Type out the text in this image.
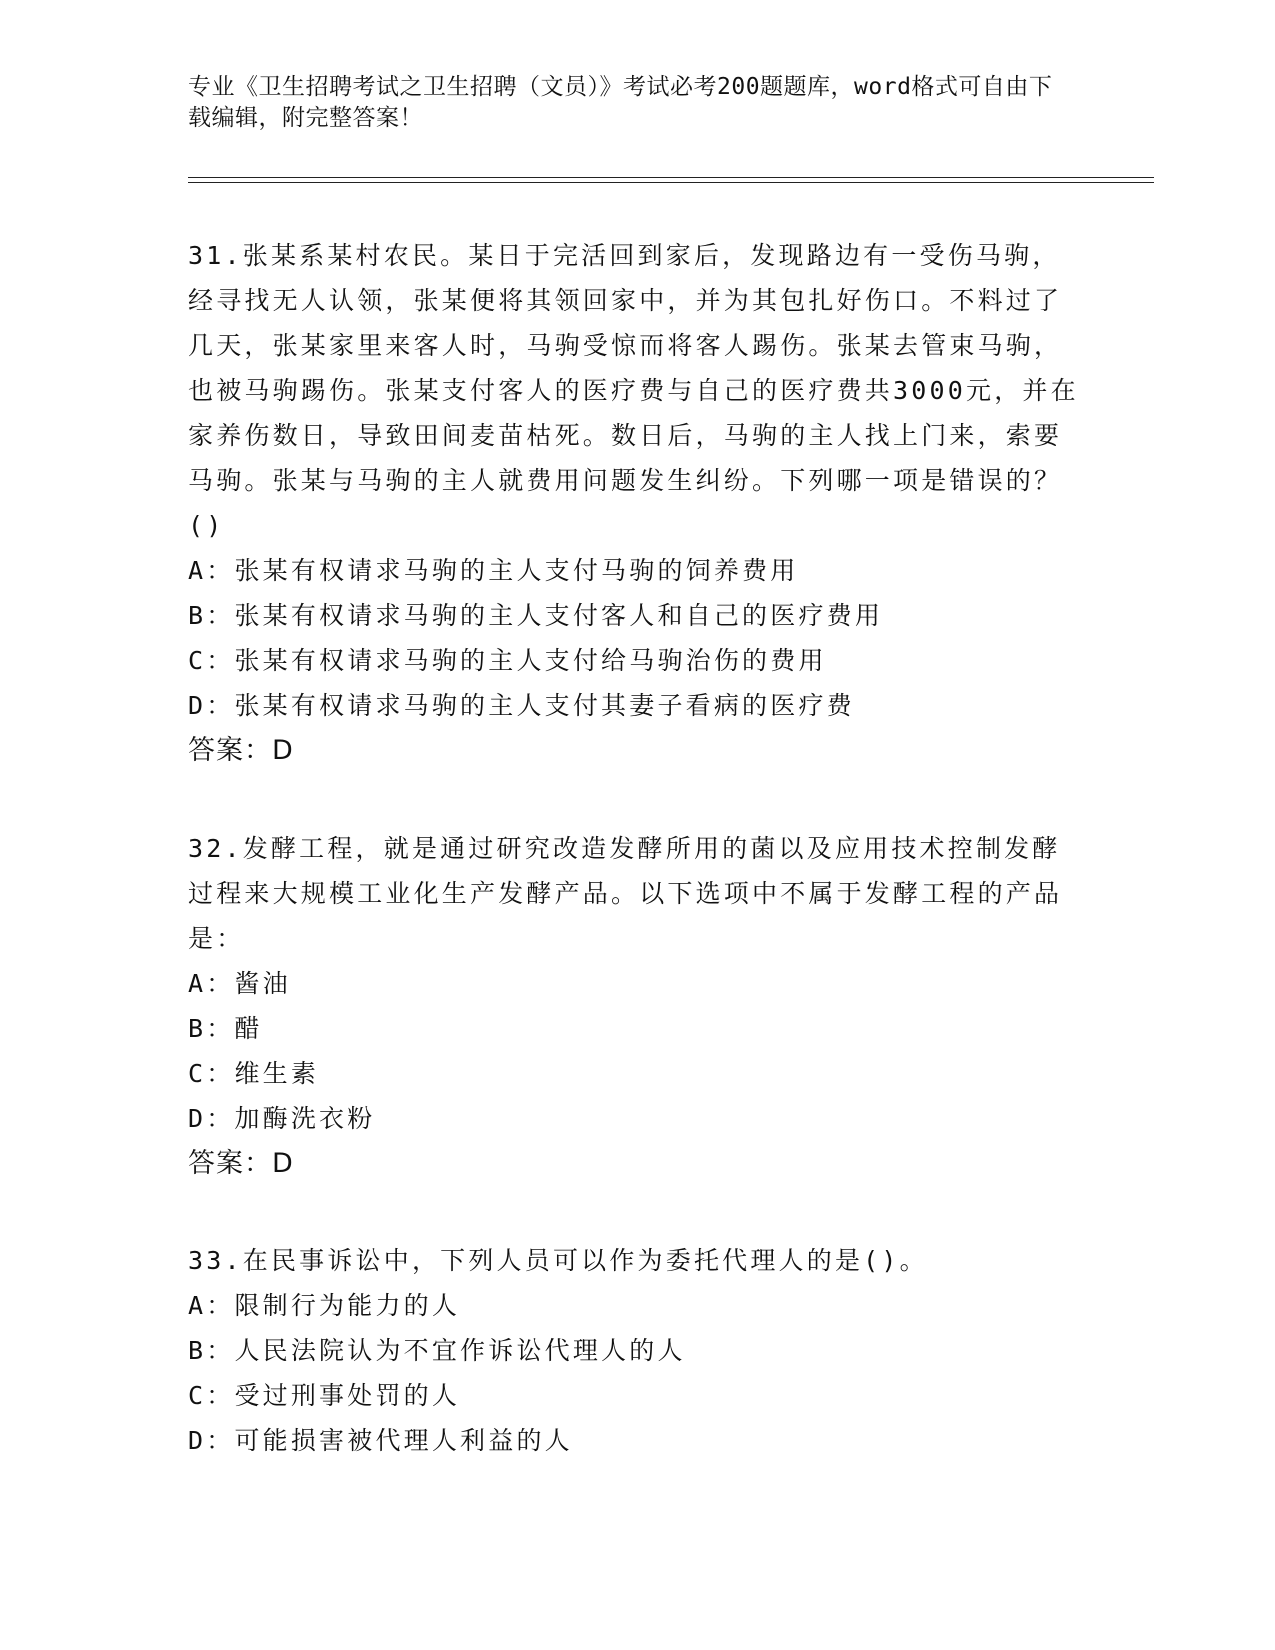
专业《卫生招聘考试之卫生招聘（文员）》考试必考200题题库，word格式可自由下载编辑，附完整答案！

31.张某系某村农民。某日于完活回到家后，发现路边有一受伤马驹，经寻找无人认领，张某便将其领回家中，并为其包扎好伤口。不料过了几天，张某家里来客人时，马驹受惊而将客人踢伤。张某去管束马驹，也被马驹踢伤。张某支付客人的医疗费与自己的医疗费共3000元，并在家养伤数日，导致田间麦苗枯死。数日后，马驹的主人找上门来，索要马驹。张某与马驹的主人就费用问题发生纠纷。下列哪一项是错误的？()

A：张某有权请求马驹的主人支付马驹的饲养费用

B：张某有权请求马驹的主人支付客人和自己的医疗费用

C：张某有权请求马驹的主人支付给马驹治伤的费用

D：张某有权请求马驹的主人支付其妻子看病的医疗费

答案：D

32.发酵工程，就是通过研究改造发酵所用的菌以及应用技术控制发酵过程来大规模工业化生产发酵产品。以下选项中不属于发酵工程的产品是：

A：酱油

B：醋

C：维生素

D：加酶洗衣粉

答案：D

33.在民事诉讼中，下列人员可以作为委托代理人的是()。

A：限制行为能力的人

B：人民法院认为不宜作诉讼代理人的人

C：受过刑事处罚的人

D：可能损害被代理人利益的人
